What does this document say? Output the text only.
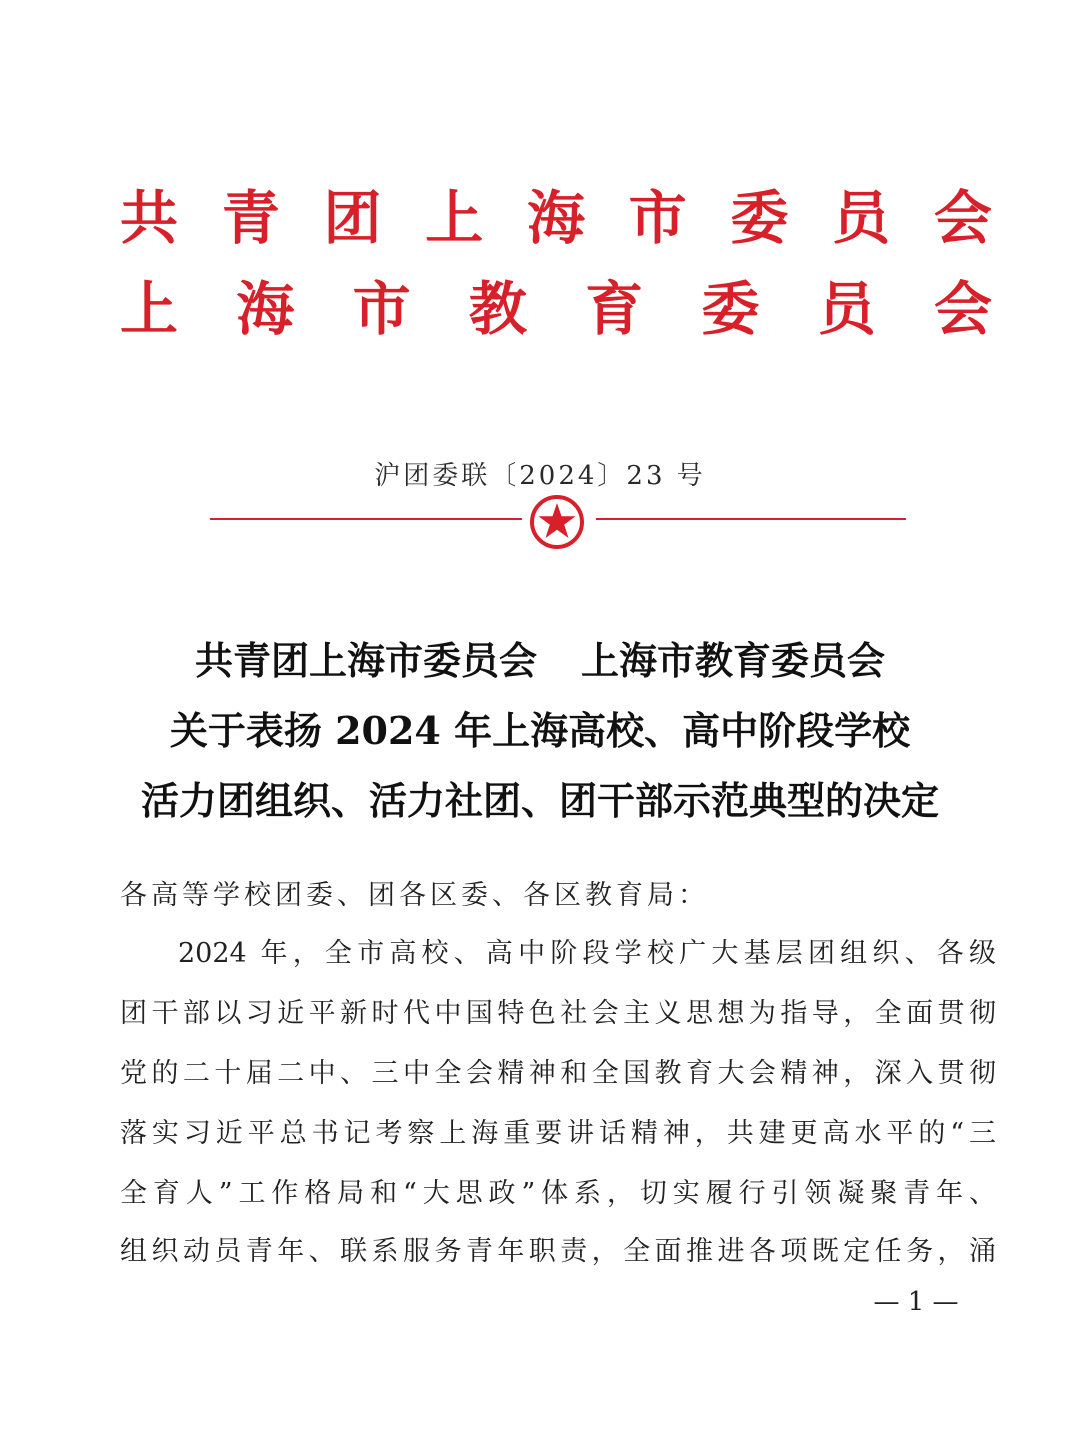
共 青 团 上 海 市 委 员 会
上 海 市 教 育 委 员 会
沪团委联〔2024〕23 号
共青团上海市委员会 上海市教育委员会
关于表扬 2024 年上海高校、高中阶段学校
活力团组织、活力社团、团干部示范典型的决定
各高等学校团委、团各区委、各区教育局：
2024 年，全市高校、高中阶段学校广大基层团组织、各级
团干部以习近平新时代中国特色社会主义思想为指导，全面贯彻
党的二十届二中、三中全会精神和全国教育大会精神，深入贯彻
落实习近平总书记考察上海重要讲话精神，共建更高水平的“三
全育人”工作格局和“大思政”体系，切实履行引领凝聚青年、
组织动员青年、联系服务青年职责，全面推进各项既定任务，涌
— 1 —
